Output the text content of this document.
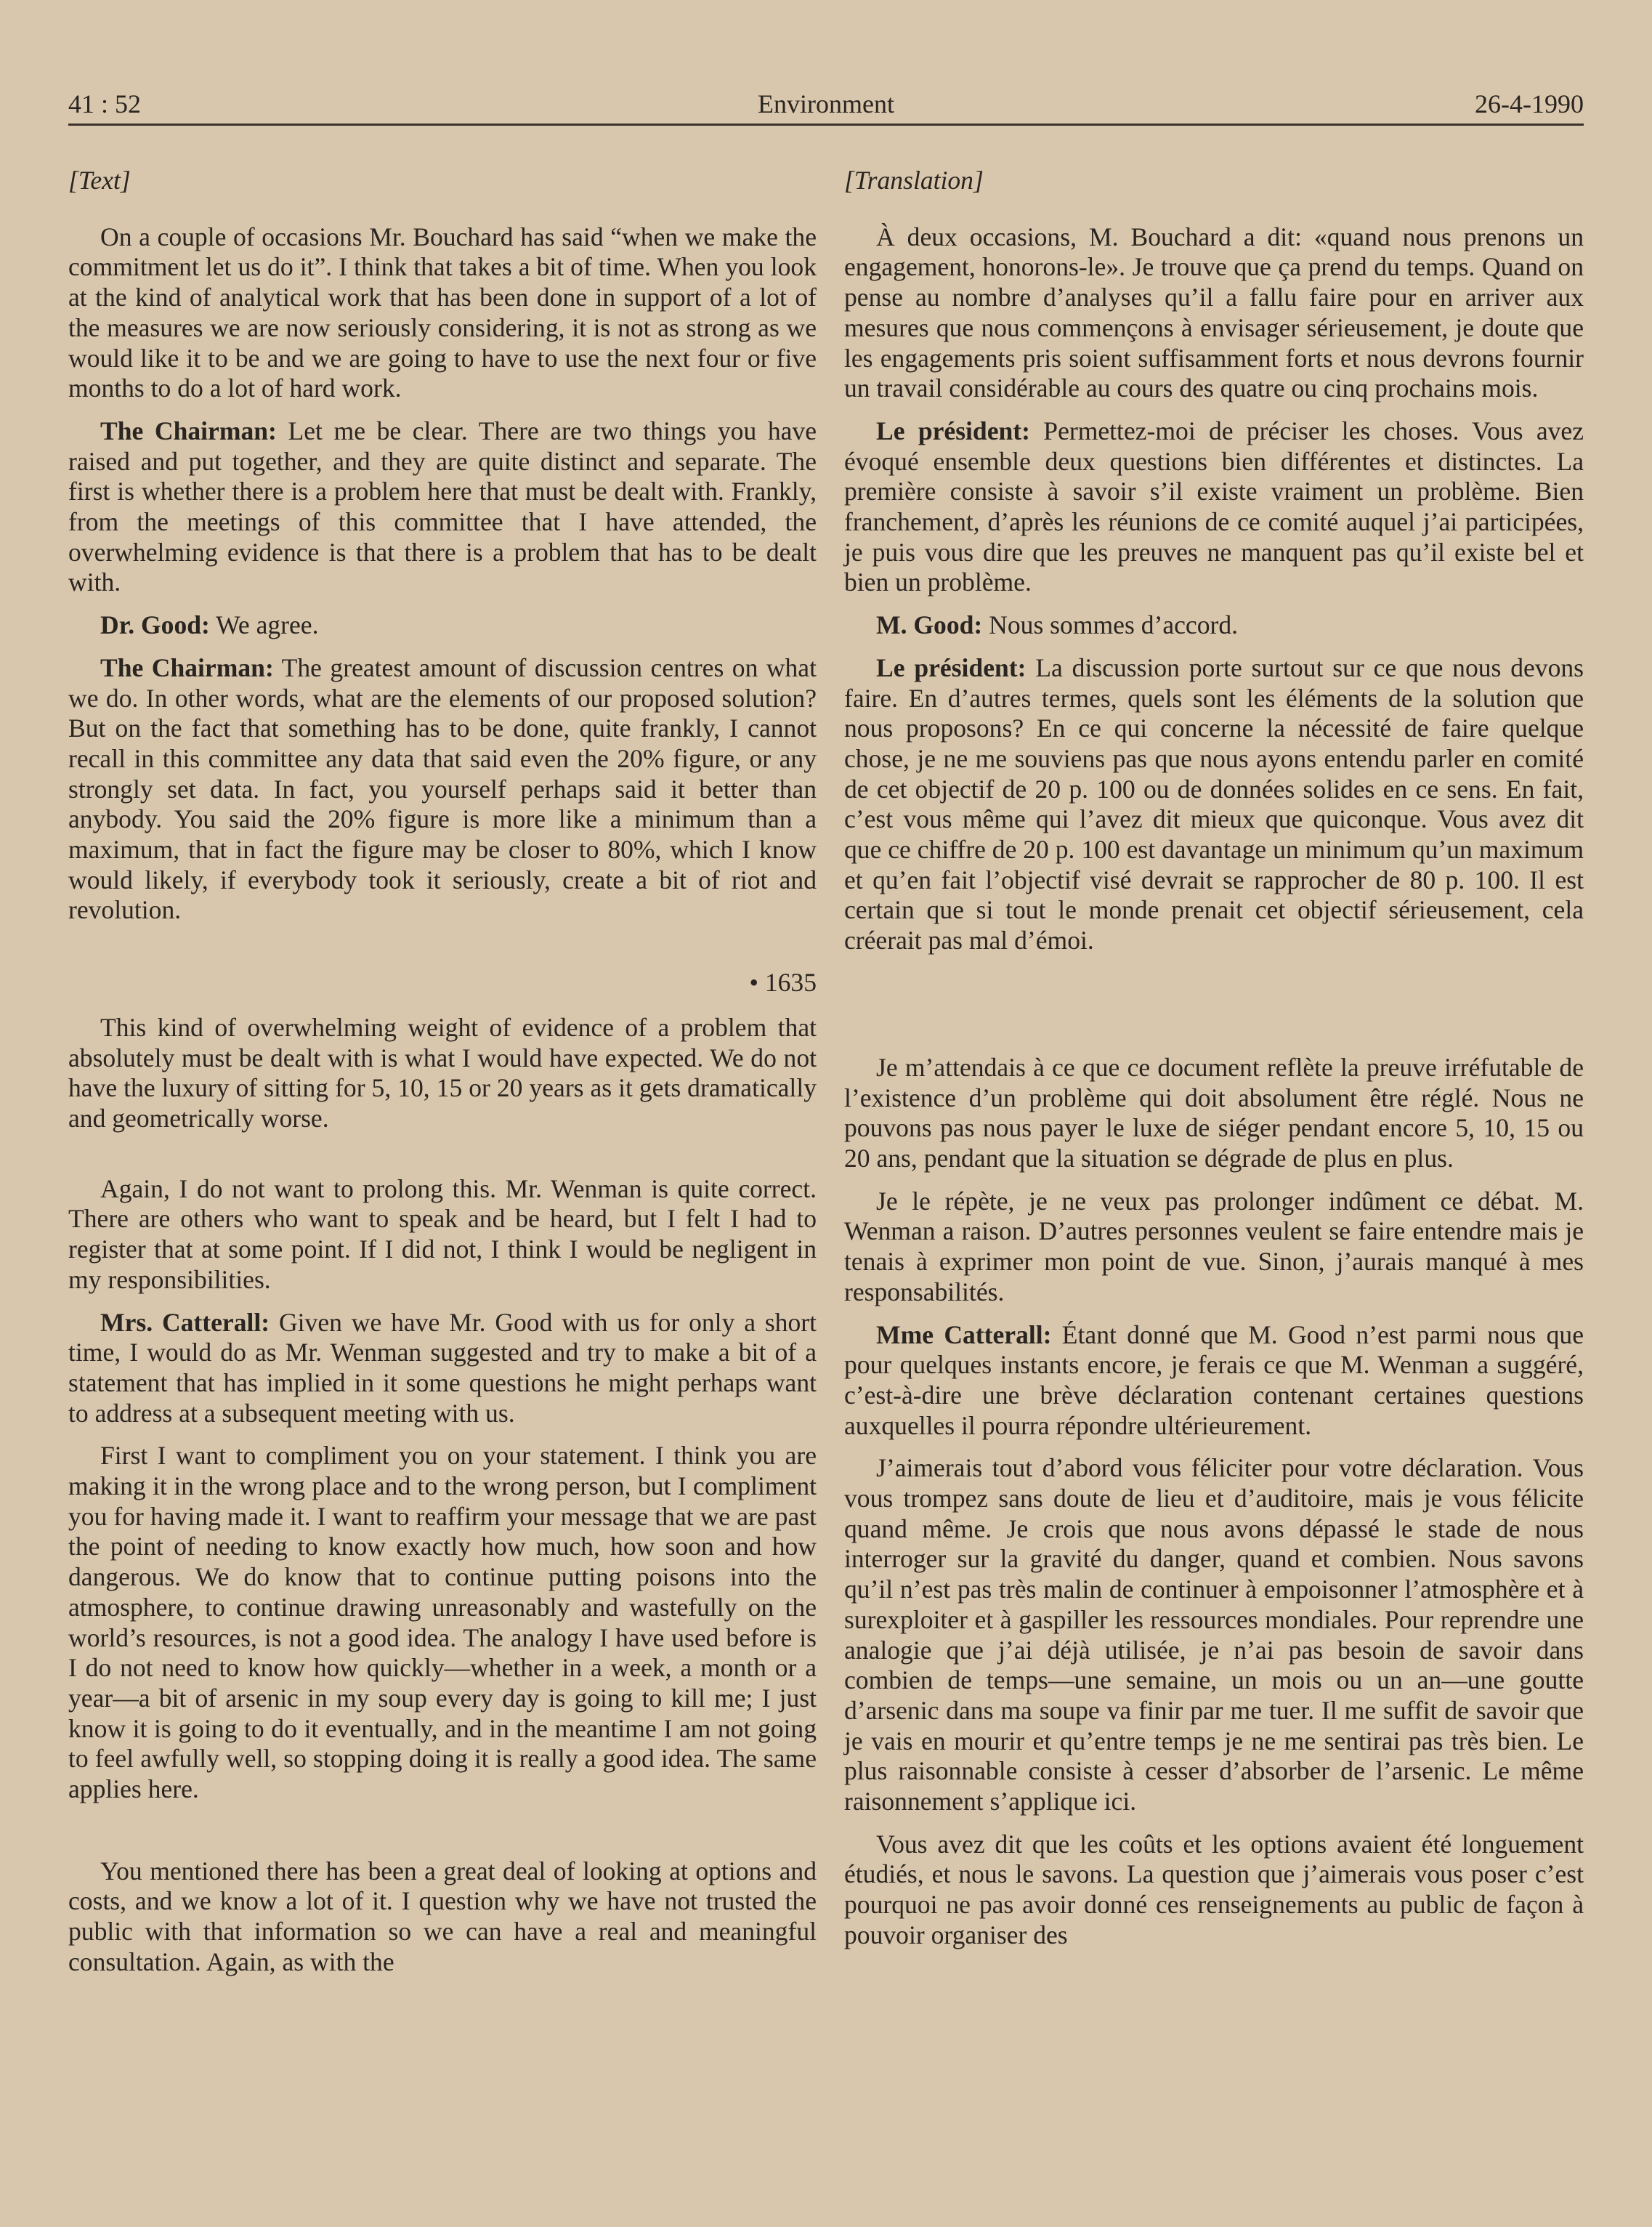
41 : 52	Environment	26-4-1990
[Text]

On a couple of occasions Mr. Bouchard has said “when we make the commitment let us do it”. I think that takes a bit of time. When you look at the kind of analytical work that has been done in support of a lot of the measures we are now seriously considering, it is not as strong as we would like it to be and we are going to have to use the next four or five months to do a lot of hard work.

The Chairman: Let me be clear. There are two things you have raised and put together, and they are quite distinct and separate. The first is whether there is a problem here that must be dealt with. Frankly, from the meetings of this committee that I have attended, the overwhelming evidence is that there is a problem that has to be dealt with.

Dr. Good: We agree.

The Chairman: The greatest amount of discussion centres on what we do. In other words, what are the elements of our proposed solution? But on the fact that something has to be done, quite frankly, I cannot recall in this committee any data that said even the 20% figure, or any strongly set data. In fact, you yourself perhaps said it better than anybody. You said the 20% figure is more like a minimum than a maximum, that in fact the figure may be closer to 80%, which I know would likely, if everybody took it seriously, create a bit of riot and revolution.

• 1635

This kind of overwhelming weight of evidence of a problem that absolutely must be dealt with is what I would have expected. We do not have the luxury of sitting for 5, 10, 15 or 20 years as it gets dramatically and geometrically worse.

Again, I do not want to prolong this. Mr. Wenman is quite correct. There are others who want to speak and be heard, but I felt I had to register that at some point. If I did not, I think I would be negligent in my responsibilities.

Mrs. Catterall: Given we have Mr. Good with us for only a short time, I would do as Mr. Wenman suggested and try to make a bit of a statement that has implied in it some questions he might perhaps want to address at a subsequent meeting with us.

First I want to compliment you on your statement. I think you are making it in the wrong place and to the wrong person, but I compliment you for having made it. I want to reaffirm your message that we are past the point of needing to know exactly how much, how soon and how dangerous. We do know that to continue putting poisons into the atmosphere, to continue drawing unreasonably and wastefully on the world’s resources, is not a good idea. The analogy I have used before is I do not need to know how quickly—whether in a week, a month or a year—a bit of arsenic in my soup every day is going to kill me; I just know it is going to do it eventually, and in the meantime I am not going to feel awfully well, so stopping doing it is really a good idea. The same applies here.

You mentioned there has been a great deal of looking at options and costs, and we know a lot of it. I question why we have not trusted the public with that information so we can have a real and meaningful consultation. Again, as with the

[Translation]

À deux occasions, M. Bouchard a dit: «quand nous prenons un engagement, honorons-le». Je trouve que ça prend du temps. Quand on pense au nombre d’analyses qu’il a fallu faire pour en arriver aux mesures que nous commençons à envisager sérieusement, je doute que les engagements pris soient suffisamment forts et nous devrons fournir un travail considérable au cours des quatre ou cinq prochains mois.

Le président: Permettez-moi de préciser les choses. Vous avez évoqué ensemble deux questions bien différentes et distinctes. La première consiste à savoir s’il existe vraiment un problème. Bien franchement, d’après les réunions de ce comité auquel j’ai participées, je puis vous dire que les preuves ne manquent pas qu’il existe bel et bien un problème.

M. Good: Nous sommes d’accord.

Le président: La discussion porte surtout sur ce que nous devons faire. En d’autres termes, quels sont les éléments de la solution que nous proposons? En ce qui concerne la nécessité de faire quelque chose, je ne me souviens pas que nous ayons entendu parler en comité de cet objectif de 20 p. 100 ou de données solides en ce sens. En fait, c’est vous même qui l’avez dit mieux que quiconque. Vous avez dit que ce chiffre de 20 p. 100 est davantage un minimum qu’un maximum et qu’en fait l’objectif visé devrait se rapprocher de 80 p. 100. Il est certain que si tout le monde prenait cet objectif sérieusement, cela créerait pas mal d’émoi.

Je m’attendais à ce que ce document reflète la preuve irréfutable de l’existence d’un problème qui doit absolument être réglé. Nous ne pouvons pas nous payer le luxe de siéger pendant encore 5, 10, 15 ou 20 ans, pendant que la situation se dégrade de plus en plus.

Je le répète, je ne veux pas prolonger indûment ce débat. M. Wenman a raison. D’autres personnes veulent se faire entendre mais je tenais à exprimer mon point de vue. Sinon, j’aurais manqué à mes responsabilités.

Mme Catterall: Étant donné que M. Good n’est parmi nous que pour quelques instants encore, je ferais ce que M. Wenman a suggéré, c’est-à-dire une brève déclaration contenant certaines questions auxquelles il pourra répondre ultérieurement.

J’aimerais tout d’abord vous féliciter pour votre déclaration. Vous vous trompez sans doute de lieu et d’auditoire, mais je vous félicite quand même. Je crois que nous avons dépassé le stade de nous interroger sur la gravité du danger, quand et combien. Nous savons qu’il n’est pas très malin de continuer à empoisonner l’atmosphère et à surexploiter et à gaspiller les ressources mondiales. Pour reprendre une analogie que j’ai déjà utilisée, je n’ai pas besoin de savoir dans combien de temps—une semaine, un mois ou un an—une goutte d’arsenic dans ma soupe va finir par me tuer. Il me suffit de savoir que je vais en mourir et qu’entre temps je ne me sentirai pas très bien. Le plus raisonnable consiste à cesser d’absorber de l’arsenic. Le même raisonnement s’applique ici.

Vous avez dit que les coûts et les options avaient été longuement étudiés, et nous le savons. La question que j’aimerais vous poser c’est pourquoi ne pas avoir donné ces renseignements au public de façon à pouvoir organiser des
